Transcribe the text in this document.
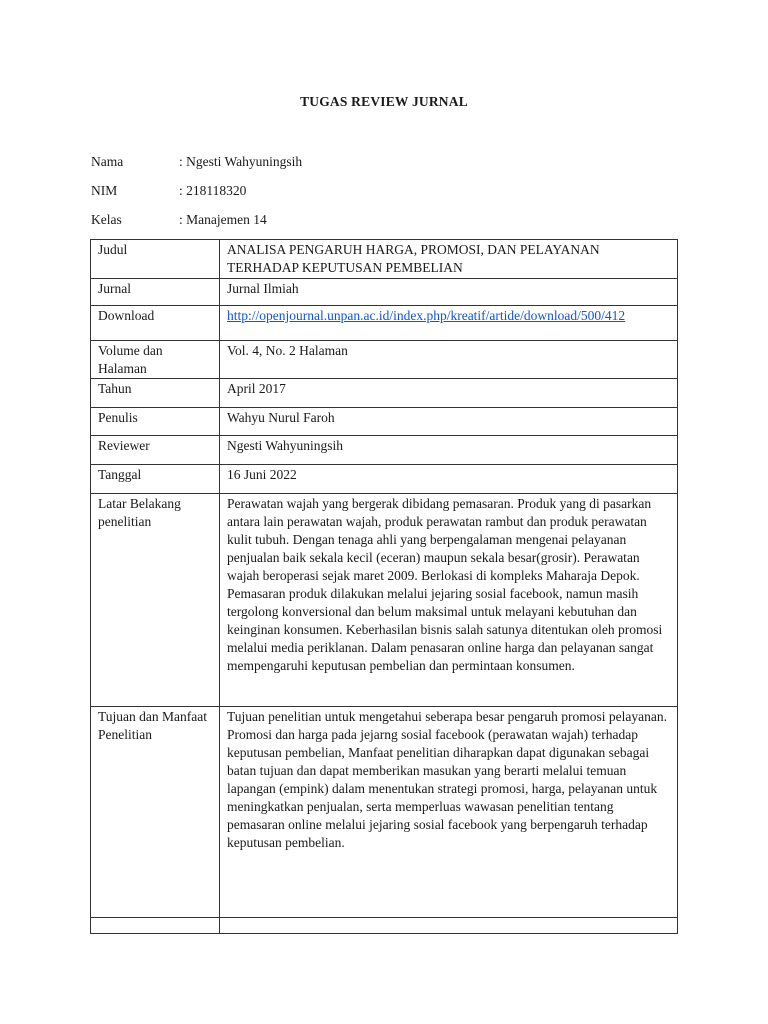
TUGAS REVIEW JURNAL
Nama	: Ngesti Wahyuningsih
NIM	: 218118320
Kelas	: Manajemen 14
Judul	ANALISA PENGARUH HARGA, PROMOSI, DAN PELAYANAN TERHADAP KEPUTUSAN PEMBELIAN
Jurnal	Jurnal Ilmiah
Download	http://openjournal.unpan.ac.id/index.php/kreatif/artide/download/500/412
Volume dan Halaman	Vol. 4, No. 2 Halaman
Tahun	April 2017
Penulis	Wahyu Nurul Faroh
Reviewer	Ngesti Wahyuningsih
Tanggal	16 Juni 2022
Latar Belakang penelitian	Perawatan wajah yang bergerak dibidang pemasaran. Produk yang di pasarkan antara lain perawatan wajah, produk perawatan rambut dan produk perawatan kulit tubuh. Dengan tenaga ahli yang berpengalaman mengenai pelayanan penjualan baik sekala kecil (eceran) maupun sekala besar(grosir). Perawatan wajah beroperasi sejak maret 2009. Berlokasi di kompleks Maharaja Depok. Pemasaran produk dilakukan melalui jejaring sosial facebook, namun masih tergolong konversional dan belum maksimal untuk melayani kebutuhan dan keinginan konsumen. Keberhasilan bisnis salah satunya ditentukan oleh promosi melalui media periklanan. Dalam penasaran online harga dan pelayanan sangat mempengaruhi keputusan pembelian dan permintaan konsumen.
Tujuan dan Manfaat Penelitian	Tujuan penelitian untuk mengetahui seberapa besar pengaruh promosi pelayanan. Promosi dan harga pada jejarng sosial facebook (perawatan wajah) terhadap keputusan pembelian, Manfaat penelitian diharapkan dapat digunakan sebagai batan tujuan dan dapat memberikan masukan yang berarti melalui temuan lapangan (empink) dalam menentukan strategi promosi, harga, pelayanan untuk meningkatkan penjualan, serta memperluas wawasan penelitian tentang pemasaran online melalui jejaring sosial facebook yang berpengaruh terhadap keputusan pembelian.
